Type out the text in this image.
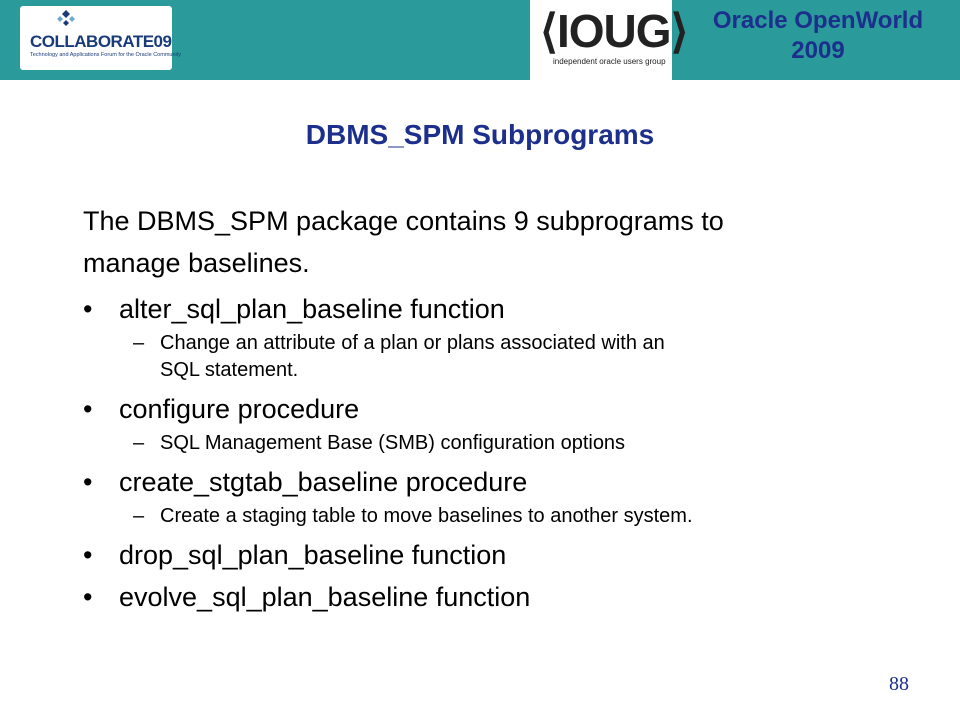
COLLABORATE09
Technology and Applications Forum for the Oracle Community	⟨IOUG⟩
independent oracle users group
Oracle OpenWorld
2009
DBMS_SPM Subprograms
The DBMS_SPM package contains 9 subprograms to
manage baselines.
• alter_sql_plan_baseline function
– Change an attribute of a plan or plans associated with an
SQL statement.
• configure procedure
– SQL Management Base (SMB) configuration options
• create_stgtab_baseline procedure
– Create a staging table to move baselines to another system.
• drop_sql_plan_baseline function
• evolve_sql_plan_baseline function
88
